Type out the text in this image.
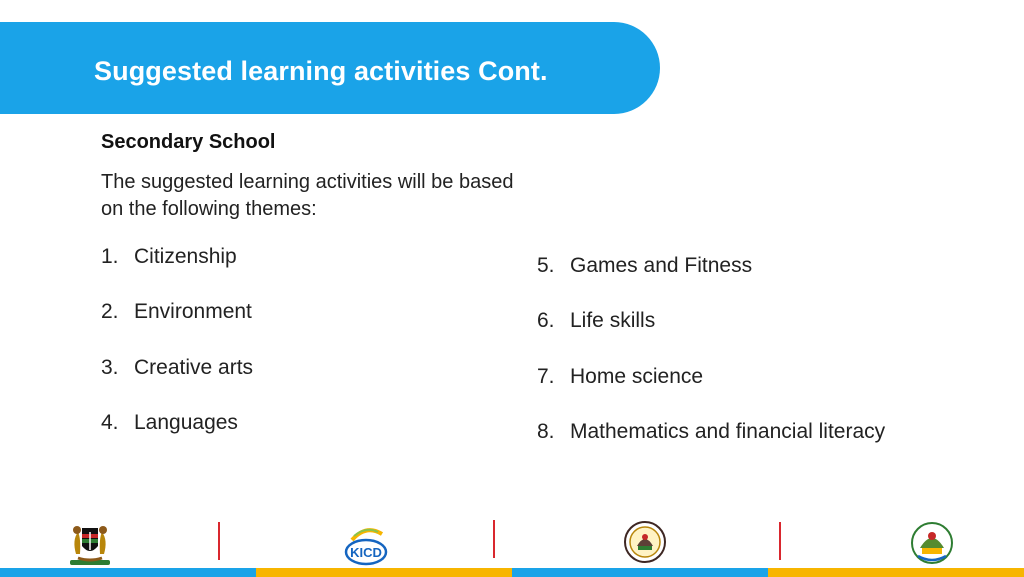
Suggested learning activities Cont.
Secondary School
The suggested learning activities will be based on the following themes:
1. Citizenship
2. Environment
3. Creative arts
4. Languages
5. Games and Fitness
6. Life skills
7. Home science
8. Mathematics and financial literacy
KICD
